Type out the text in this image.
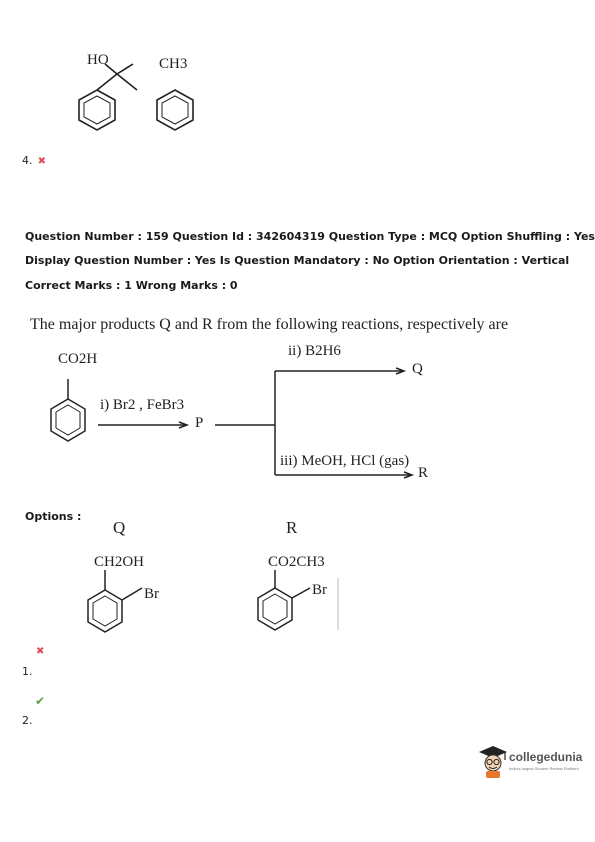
HO	CH3
4. ✖
Question Number : 159 Question Id : 342604319 Question Type : MCQ Option Shuffling : Yes
Display Question Number : Yes Is Question Mandatory : No Option Orientation : Vertical
Correct Marks : 1 Wrong Marks : 0
The major products Q and R from the following reactions, respectively are
CO2H
i) Br2 , FeBr3
P
ii) B2H6
Q
iii) MeOH, HCl (gas)
R
Options :
Q	R
CH2OH
Br
CO2CH3
Br
✖
1.
✔
2.
collegedunia
India's largest Student Review Platform
